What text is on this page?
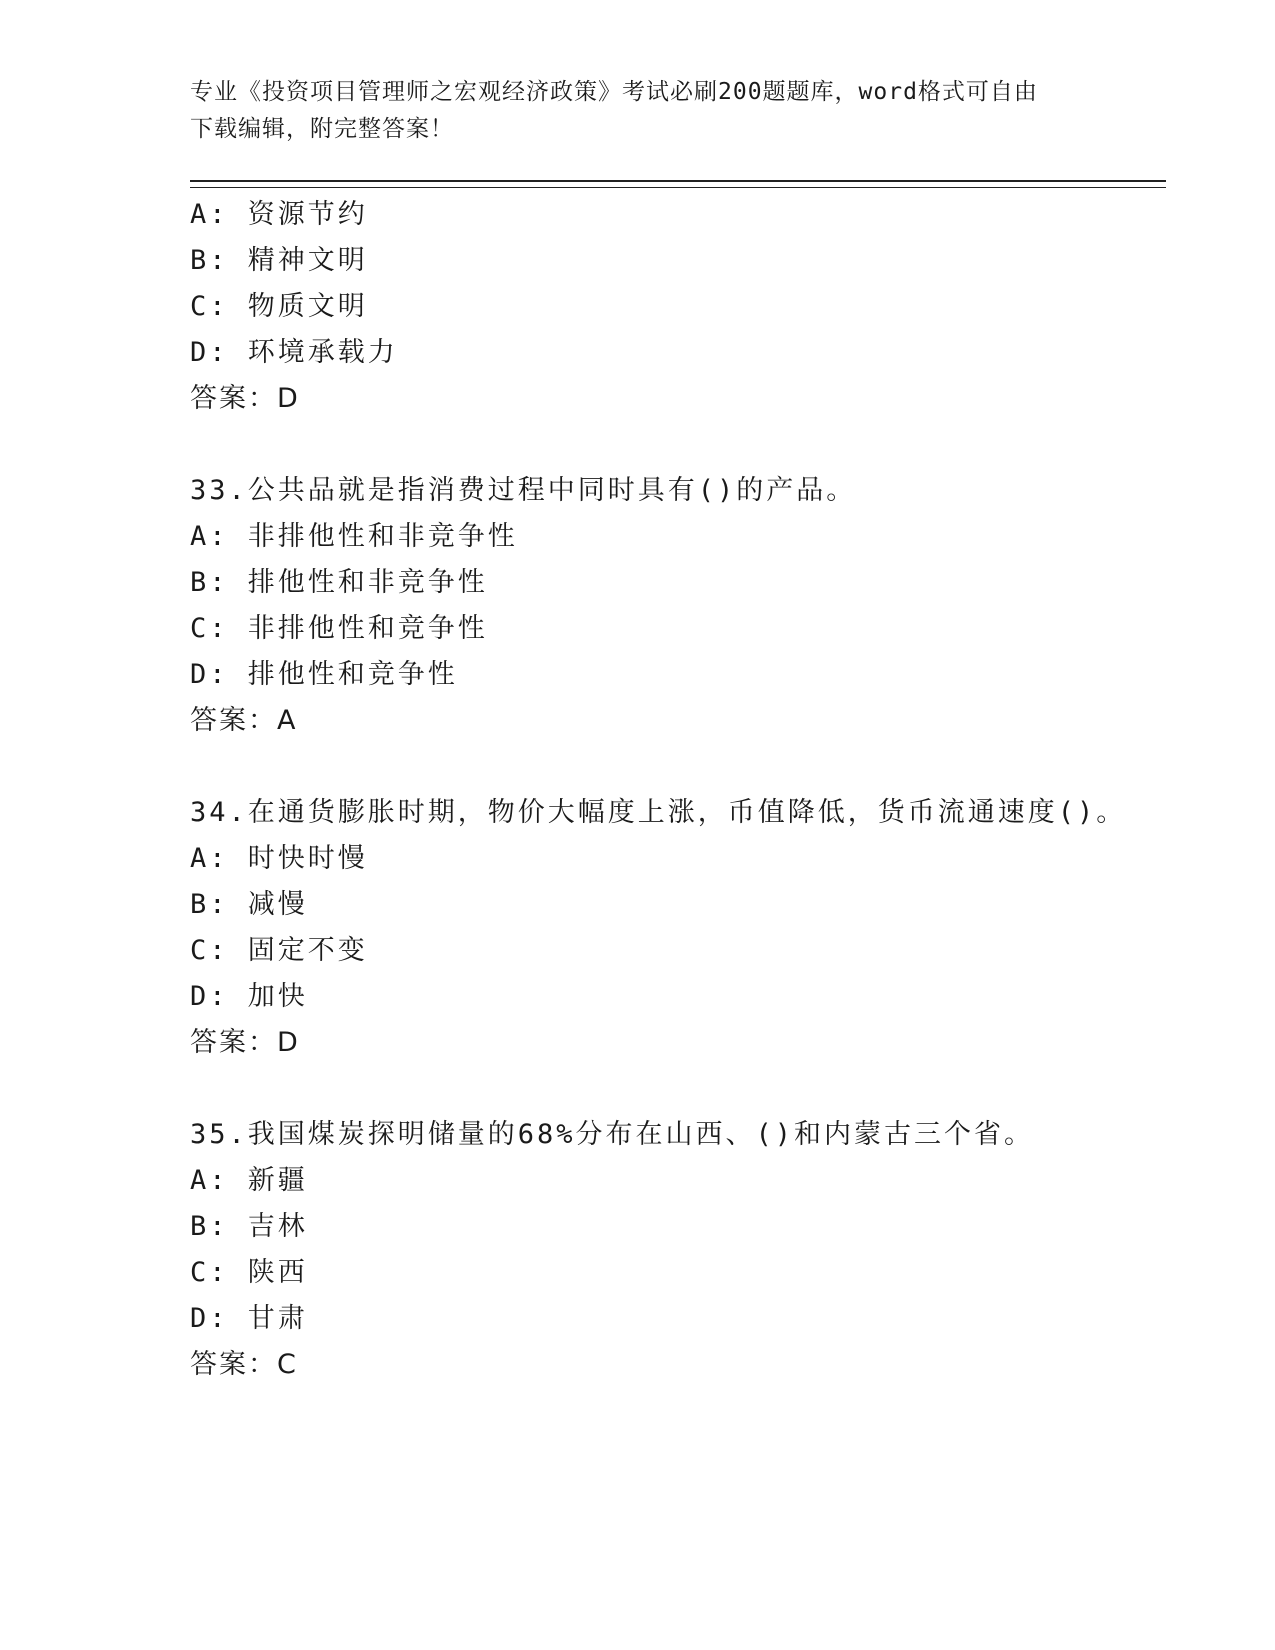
专业《投资项目管理师之宏观经济政策》考试必刷200题题库，word格式可自由
下载编辑，附完整答案！
A: 资源节约
B: 精神文明
C: 物质文明
D: 环境承载力
答案：D
33.公共品就是指消费过程中同时具有()的产品。
A: 非排他性和非竞争性
B: 排他性和非竞争性
C: 非排他性和竞争性
D: 排他性和竞争性
答案：A
34.在通货膨胀时期，物价大幅度上涨，币值降低，货币流通速度()。
A: 时快时慢
B: 减慢
C: 固定不变
D: 加快
答案：D
35.我国煤炭探明储量的68%分布在山西、()和内蒙古三个省。
A: 新疆
B: 吉林
C: 陕西
D: 甘肃
答案：C
